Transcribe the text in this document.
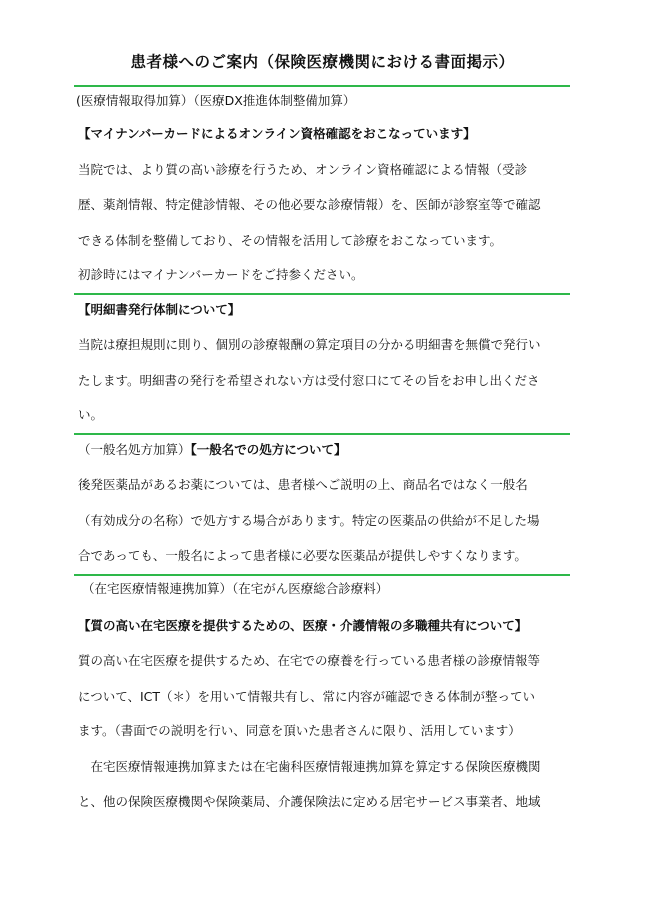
患者様へのご案内（保険医療機関における書面掲示）
(医療情報取得加算）（医療DX推進体制整備加算）
【マイナンバーカードによるオンライン資格確認をおこなっています】
当院では、より質の高い診療を行うため、オンライン資格確認による情報（受診
歴、薬剤情報、特定健診情報、その他必要な診療情報）を、医師が診察室等で確認
できる体制を整備しており、その情報を活用して診療をおこなっています。
初診時にはマイナンバーカードをご持参ください。
【明細書発行体制について】
当院は療担規則に則り、個別の診療報酬の算定項目の分かる明細書を無償で発行い
たします。明細書の発行を希望されない方は受付窓口にてその旨をお申し出くださ
い。
（一般名処方加算）【一般名での処方について】
後発医薬品があるお薬については、患者様へご説明の上、商品名ではなく一般名
（有効成分の名称）で処方する場合があります。特定の医薬品の供給が不足した場
合であっても、一般名によって患者様に必要な医薬品が提供しやすくなります。
（在宅医療情報連携加算）（在宅がん医療総合診療料）
【質の高い在宅医療を提供するための、医療・介護情報の多職種共有について】
質の高い在宅医療を提供するため、在宅での療養を行っている患者様の診療情報等
について、ICT（＊）を用いて情報共有し、常に内容が確認できる体制が整ってい
ます。（書面での説明を行い、同意を頂いた患者さんに限り、活用しています）
　在宅医療情報連携加算または在宅歯科医療情報連携加算を算定する保険医療機関
と、他の保険医療機関や保険薬局、介護保険法に定める居宅サービス事業者、地域
